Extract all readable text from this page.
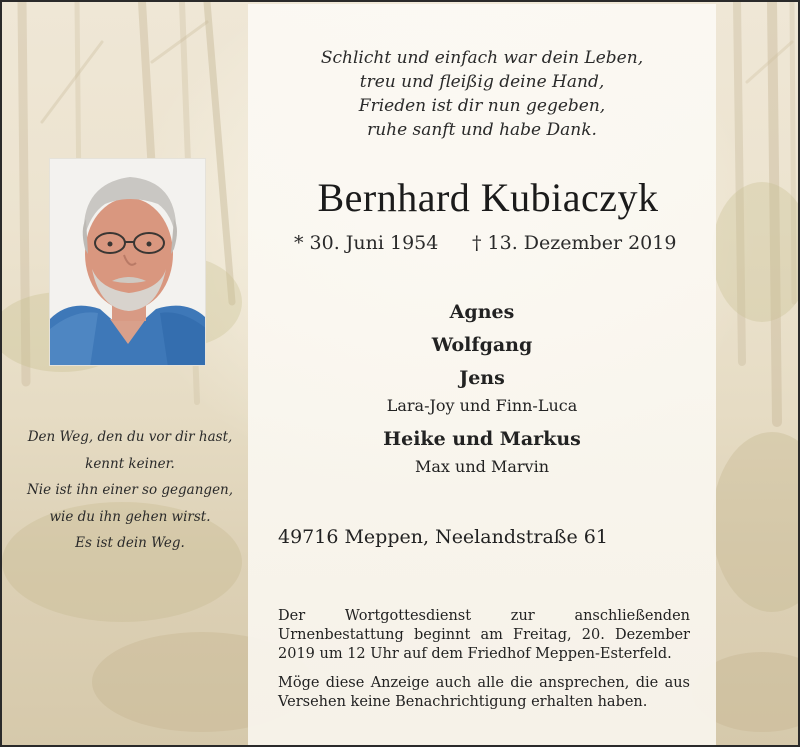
Schlicht und einfach war dein Leben,
treu und fleißig deine Hand,
Frieden ist dir nun gegeben,
ruhe sanft und habe Dank.
Bernhard Kubiaczyk
* 30. Juni 1954 † 13. Dezember 2019
Agnes
Wolfgang
Jens
Lara-Joy und Finn-Luca
Heike und Markus
Max und Marvin
49716 Meppen, Neelandstraße 61

Der Wortgottesdienst zur anschließenden Urnenbestattung beginnt am Freitag, 20. Dezember 2019 um 12 Uhr auf dem Friedhof Meppen-Esterfeld.

Möge diese Anzeige auch alle die ansprechen, die aus Versehen keine Benachrichtigung erhalten haben.

Den Weg, den du vor dir hast,
kennt keiner.
Nie ist ihn einer so gegangen,
wie du ihn gehen wirst.
Es ist dein Weg.
